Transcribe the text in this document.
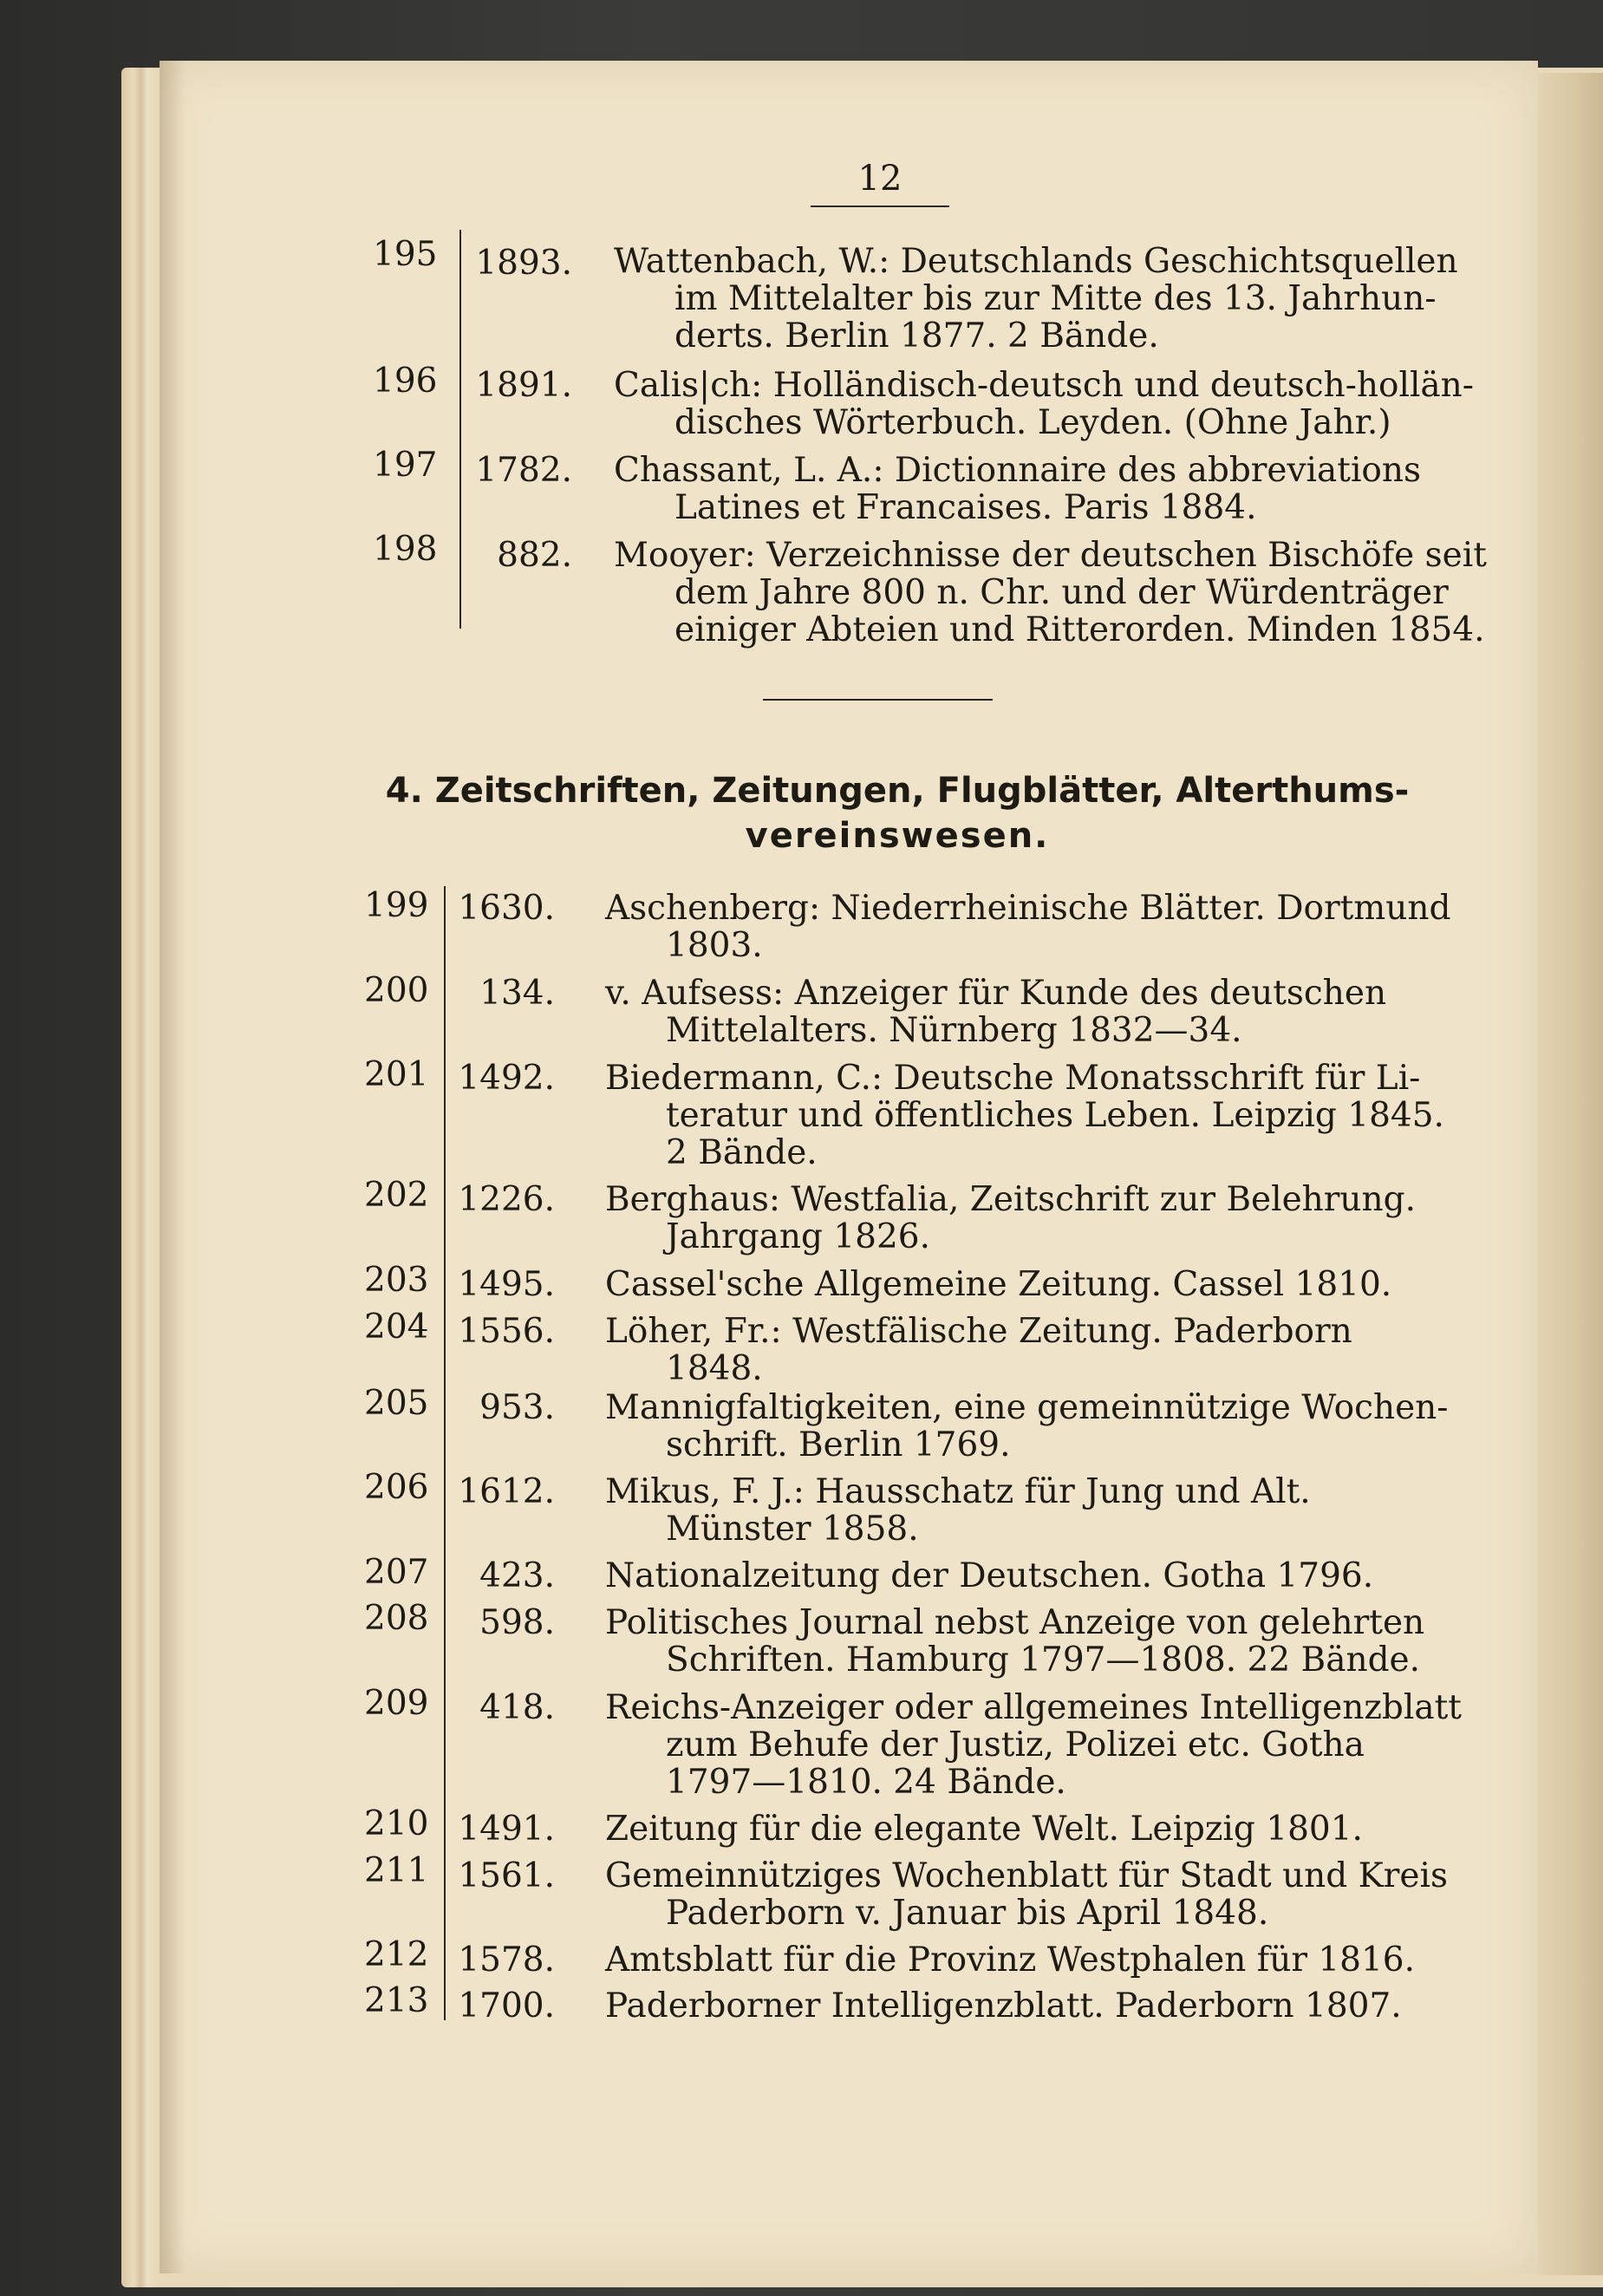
12
195	1893. Wattenbach, W.: Deutschlands Geschichtsquellen
im Mittelalter bis zur Mitte des 13. Jahrhun-
derts. Berlin 1877. 2 Bände.
196	1891. Calis|ch: Holländisch-deutsch und deutsch-hollän-
disches Wörterbuch. Leyden. (Ohne Jahr.)
197	1782. Chassant, L. A.: Dictionnaire des abbreviations
Latines et Francaises. Paris 1884.
198	882. Mooyer: Verzeichnisse der deutschen Bischöfe seit
dem Jahre 800 n. Chr. und der Würdenträger
einiger Abteien und Ritterorden. Minden 1854.
4. Zeitschriften, Zeitungen, Flugblätter, Alterthums-
vereinswesen.
199 1630. Aschenberg: Niederrheinische Blätter. Dortmund
1803.
200	134. v. Aufsess: Anzeiger für Kunde des deutschen
Mittelalters. Nürnberg 1832—34.
201 1492. Biedermann, C.: Deutsche Monatsschrift für Li-
teratur und öffentliches Leben. Leipzig 1845.
2 Bände.
202 1226. Berghaus: Westfalia, Zeitschrift zur Belehrung.
Jahrgang 1826.
203 1495. Cassel'sche Allgemeine Zeitung. Cassel 1810.
204 1556. Löher, Fr.: Westfälische Zeitung. Paderborn
1848.
205	953. Mannigfaltigkeiten, eine gemeinnützige Wochen-
schrift. Berlin 1769.
206 1612. Mikus, F. J.: Hausschatz für Jung und Alt.
Münster 1858.
207	423. Nationalzeitung der Deutschen. Gotha 1796.
208	598. Politisches Journal nebst Anzeige von gelehrten
Schriften. Hamburg 1797—1808. 22 Bände.
209	418. Reichs-Anzeiger oder allgemeines Intelligenzblatt
zum Behufe der Justiz, Polizei etc. Gotha
1797—1810. 24 Bände.
210 1491. Zeitung für die elegante Welt. Leipzig 1801.
211 1561. Gemeinnütziges Wochenblatt für Stadt und Kreis
Paderborn v. Januar bis April 1848.
212 1578. Amtsblatt für die Provinz Westphalen für 1816.
213 1700. Paderborner Intelligenzblatt. Paderborn 1807.
